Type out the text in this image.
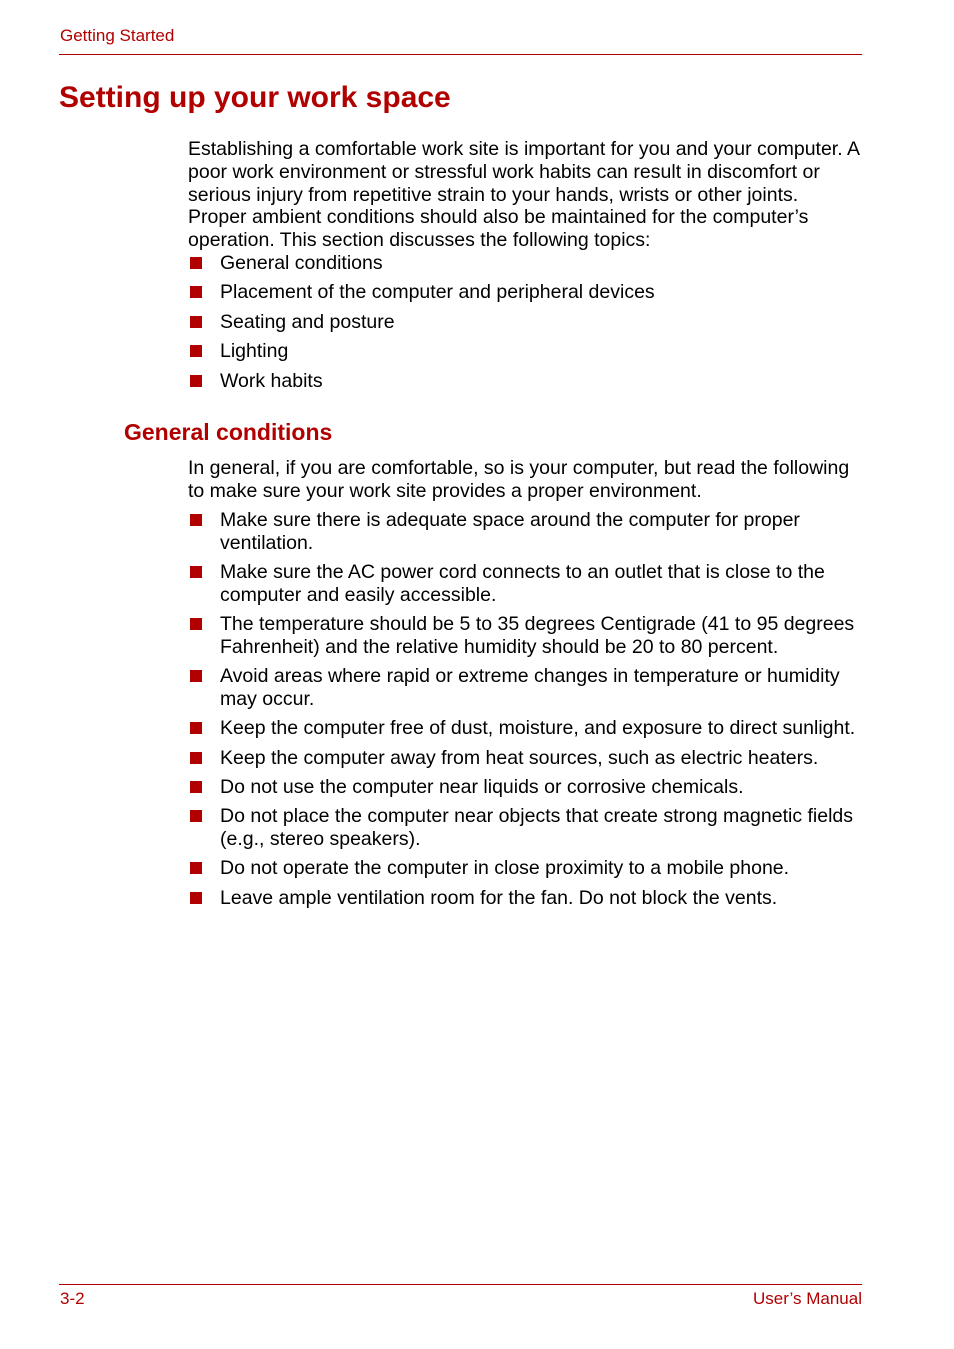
Getting Started
Setting up your work space

Establishing a comfortable work site is important for you and your computer. A poor work environment or stressful work habits can result in discomfort or serious injury from repetitive strain to your hands, wrists or other joints. Proper ambient conditions should also be maintained for the computer’s operation. This section discusses the following topics:

General conditions
Placement of the computer and peripheral devices
Seating and posture
Lighting
Work habits
General conditions

In general, if you are comfortable, so is your computer, but read the following to make sure your work site provides a proper environment.

Make sure there is adequate space around the computer for proper ventilation.
Make sure the AC power cord connects to an outlet that is close to the computer and easily accessible.
The temperature should be 5 to 35 degrees Centigrade (41 to 95 degrees Fahrenheit) and the relative humidity should be 20 to 80 percent.
Avoid areas where rapid or extreme changes in temperature or humidity may occur.
Keep the computer free of dust, moisture, and exposure to direct sunlight.
Keep the computer away from heat sources, such as electric heaters.
Do not use the computer near liquids or corrosive chemicals.
Do not place the computer near objects that create strong magnetic fields (e.g., stereo speakers).
Do not operate the computer in close proximity to a mobile phone.
Leave ample ventilation room for the fan. Do not block the vents.
3-2	User’s Manual
